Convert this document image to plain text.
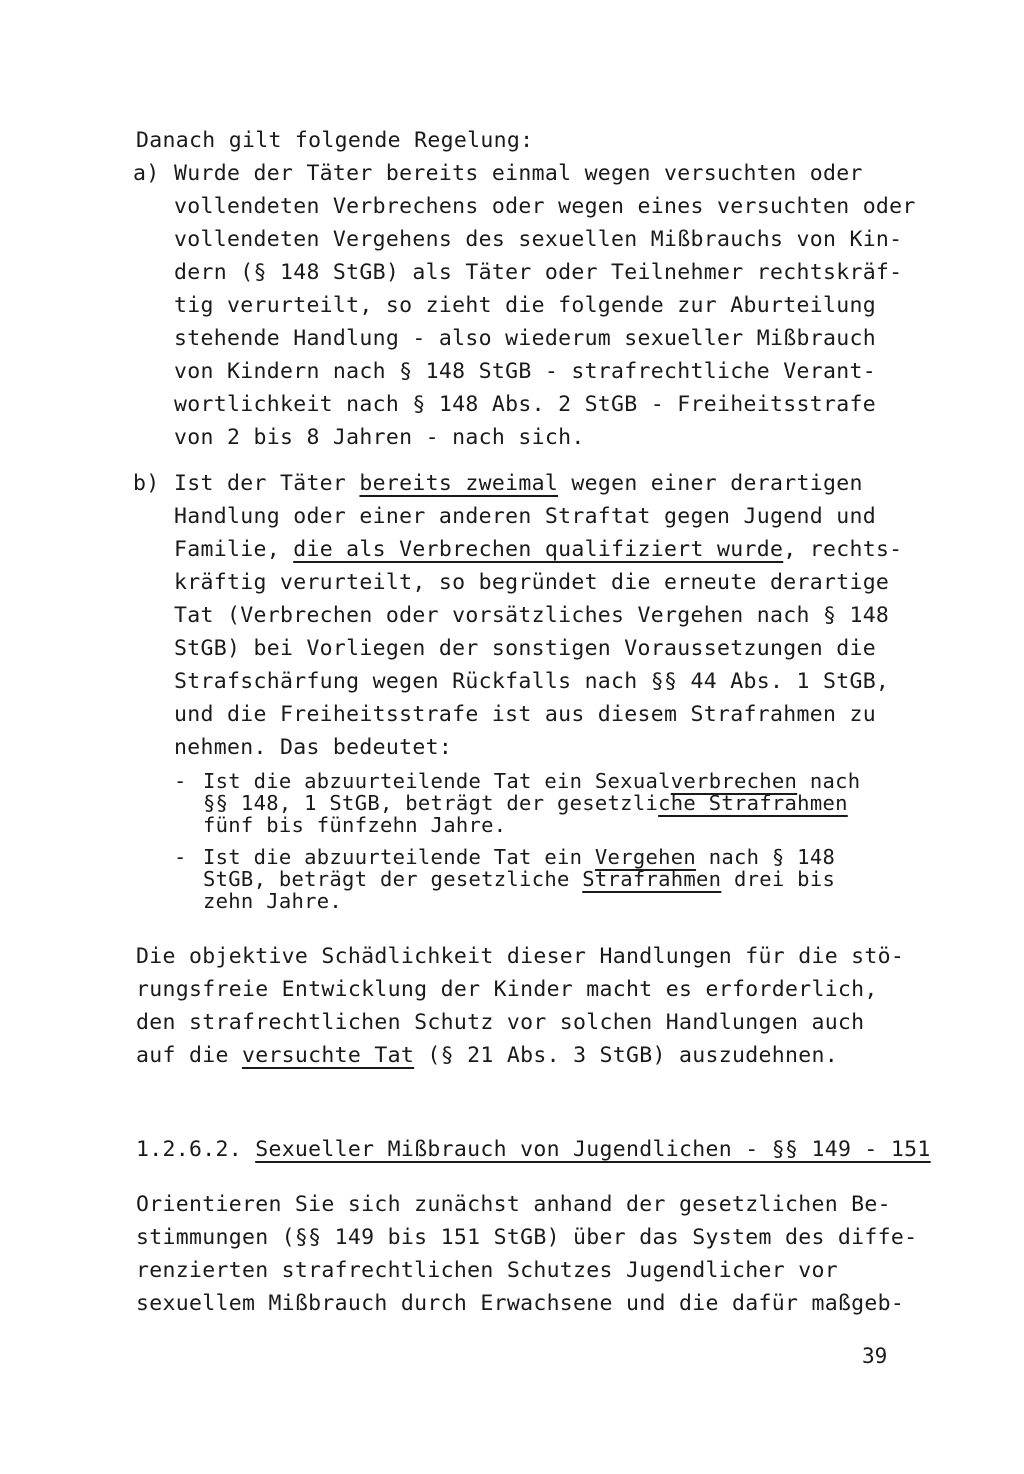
Danach gilt folgende Regelung:
a) Wurde der Täter bereits einmal wegen versuchten oder
vollendeten Verbrechens oder wegen eines versuchten oder
vollendeten Vergehens des sexuellen Mißbrauchs von Kin-
dern (§ 148 StGB) als Täter oder Teilnehmer rechtskräf-
tig verurteilt, so zieht die folgende zur Aburteilung
stehende Handlung - also wiederum sexueller Mißbrauch
von Kindern nach § 148 StGB - strafrechtliche Verant-
wortlichkeit nach § 148 Abs. 2 StGB - Freiheitsstrafe
von 2 bis 8 Jahren - nach sich.
b) Ist der Täter bereits zweimal wegen einer derartigen
Handlung oder einer anderen Straftat gegen Jugend und
Familie, die als Verbrechen qualifiziert wurde, rechts-
kräftig verurteilt, so begründet die erneute derartige
Tat (Verbrechen oder vorsätzliches Vergehen nach § 148
StGB) bei Vorliegen der sonstigen Voraussetzungen die
Strafschärfung wegen Rückfalls nach §§ 44 Abs. 1 StGB,
und die Freiheitsstrafe ist aus diesem Strafrahmen zu
nehmen. Das bedeutet:
- Ist die abzuurteilende Tat ein Sexualverbrechen nach
§§ 148, 1 StGB, beträgt der gesetzliche Strafrahmen
fünf bis fünfzehn Jahre.
- Ist die abzuurteilende Tat ein Vergehen nach § 148
StGB, beträgt der gesetzliche Strafrahmen drei bis
zehn Jahre.
Die objektive Schädlichkeit dieser Handlungen für die stö-
rungsfreie Entwicklung der Kinder macht es erforderlich,
den strafrechtlichen Schutz vor solchen Handlungen auch
auf die versuchte Tat (§ 21 Abs. 3 StGB) auszudehnen.
1.2.6.2. Sexueller Mißbrauch von Jugendlichen - §§ 149 - 151
Orientieren Sie sich zunächst anhand der gesetzlichen Be-
stimmungen (§§ 149 bis 151 StGB) über das System des diffe-
renzierten strafrechtlichen Schutzes Jugendlicher vor
sexuellem Mißbrauch durch Erwachsene und die dafür maßgeb-
39
